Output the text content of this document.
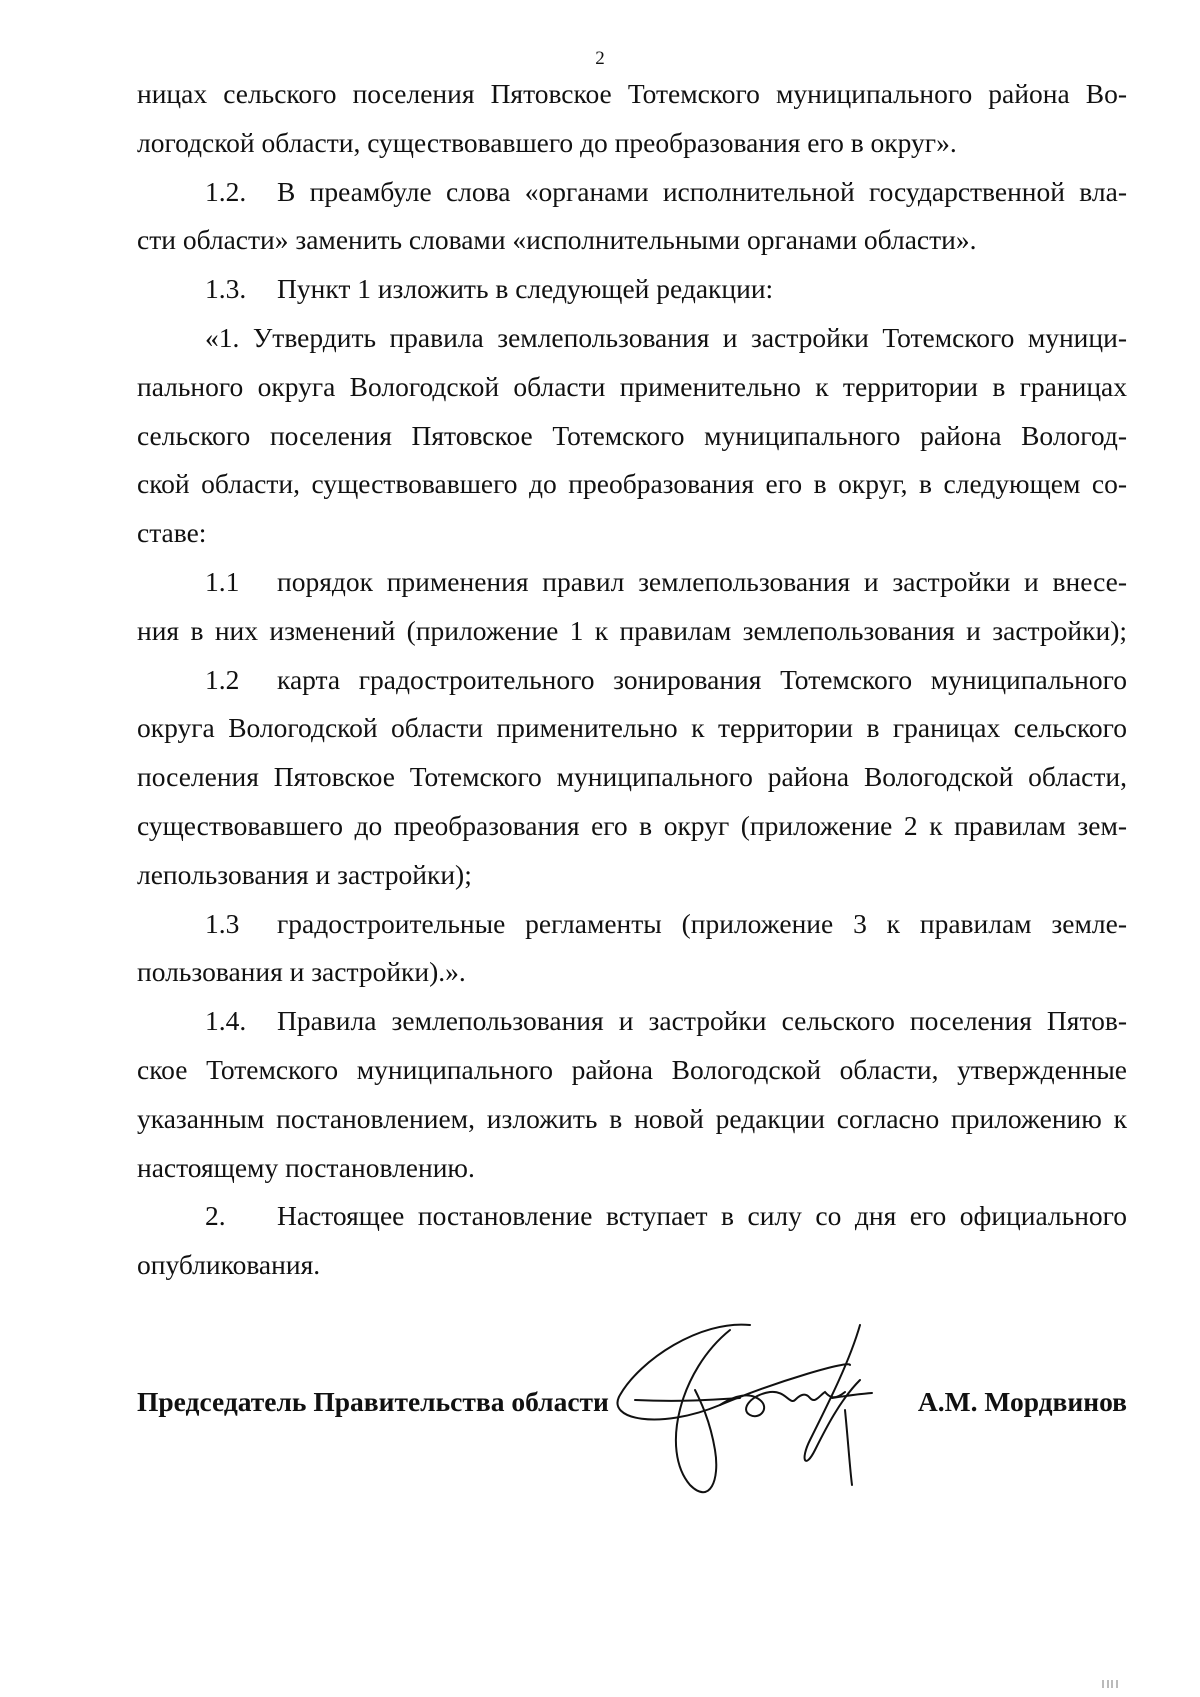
2
ницах сельского поселения Пятовское Тотемского муниципального района Во-
логодской области, существовавшего до преобразования его в округ».
1.2. В преамбуле слова «органами исполнительной государственной вла-
сти области» заменить словами «исполнительными органами области».
1.3. Пункт 1 изложить в следующей редакции:
«1. Утвердить правила землепользования и застройки Тотемского муници-
пального округа Вологодской области применительно к территории в границах
сельского поселения Пятовское Тотемского муниципального района Вологод-
ской области, существовавшего до преобразования его в округ, в следующем со-
ставе:
1.1 порядок применения правил землепользования и застройки и внесе-
ния в них изменений (приложение 1 к правилам землепользования и застройки);
1.2 карта градостроительного зонирования Тотемского муниципального
округа Вологодской области применительно к территории в границах сельского
поселения Пятовское Тотемского муниципального района Вологодской области,
существовавшего до преобразования его в округ (приложение 2 к правилам зем-
лепользования и застройки);
1.3 градостроительные регламенты (приложение 3 к правилам земле-
пользования и застройки).».
1.4. Правила землепользования и застройки сельского поселения Пятов-
ское Тотемского муниципального района Вологодской области, утвержденные
указанным постановлением, изложить в новой редакции согласно приложению к
настоящему постановлению.
2. Настоящее постановление вступает в силу со дня его официального
опубликования.
Председатель Правительства области	А.М. Мордвинов
